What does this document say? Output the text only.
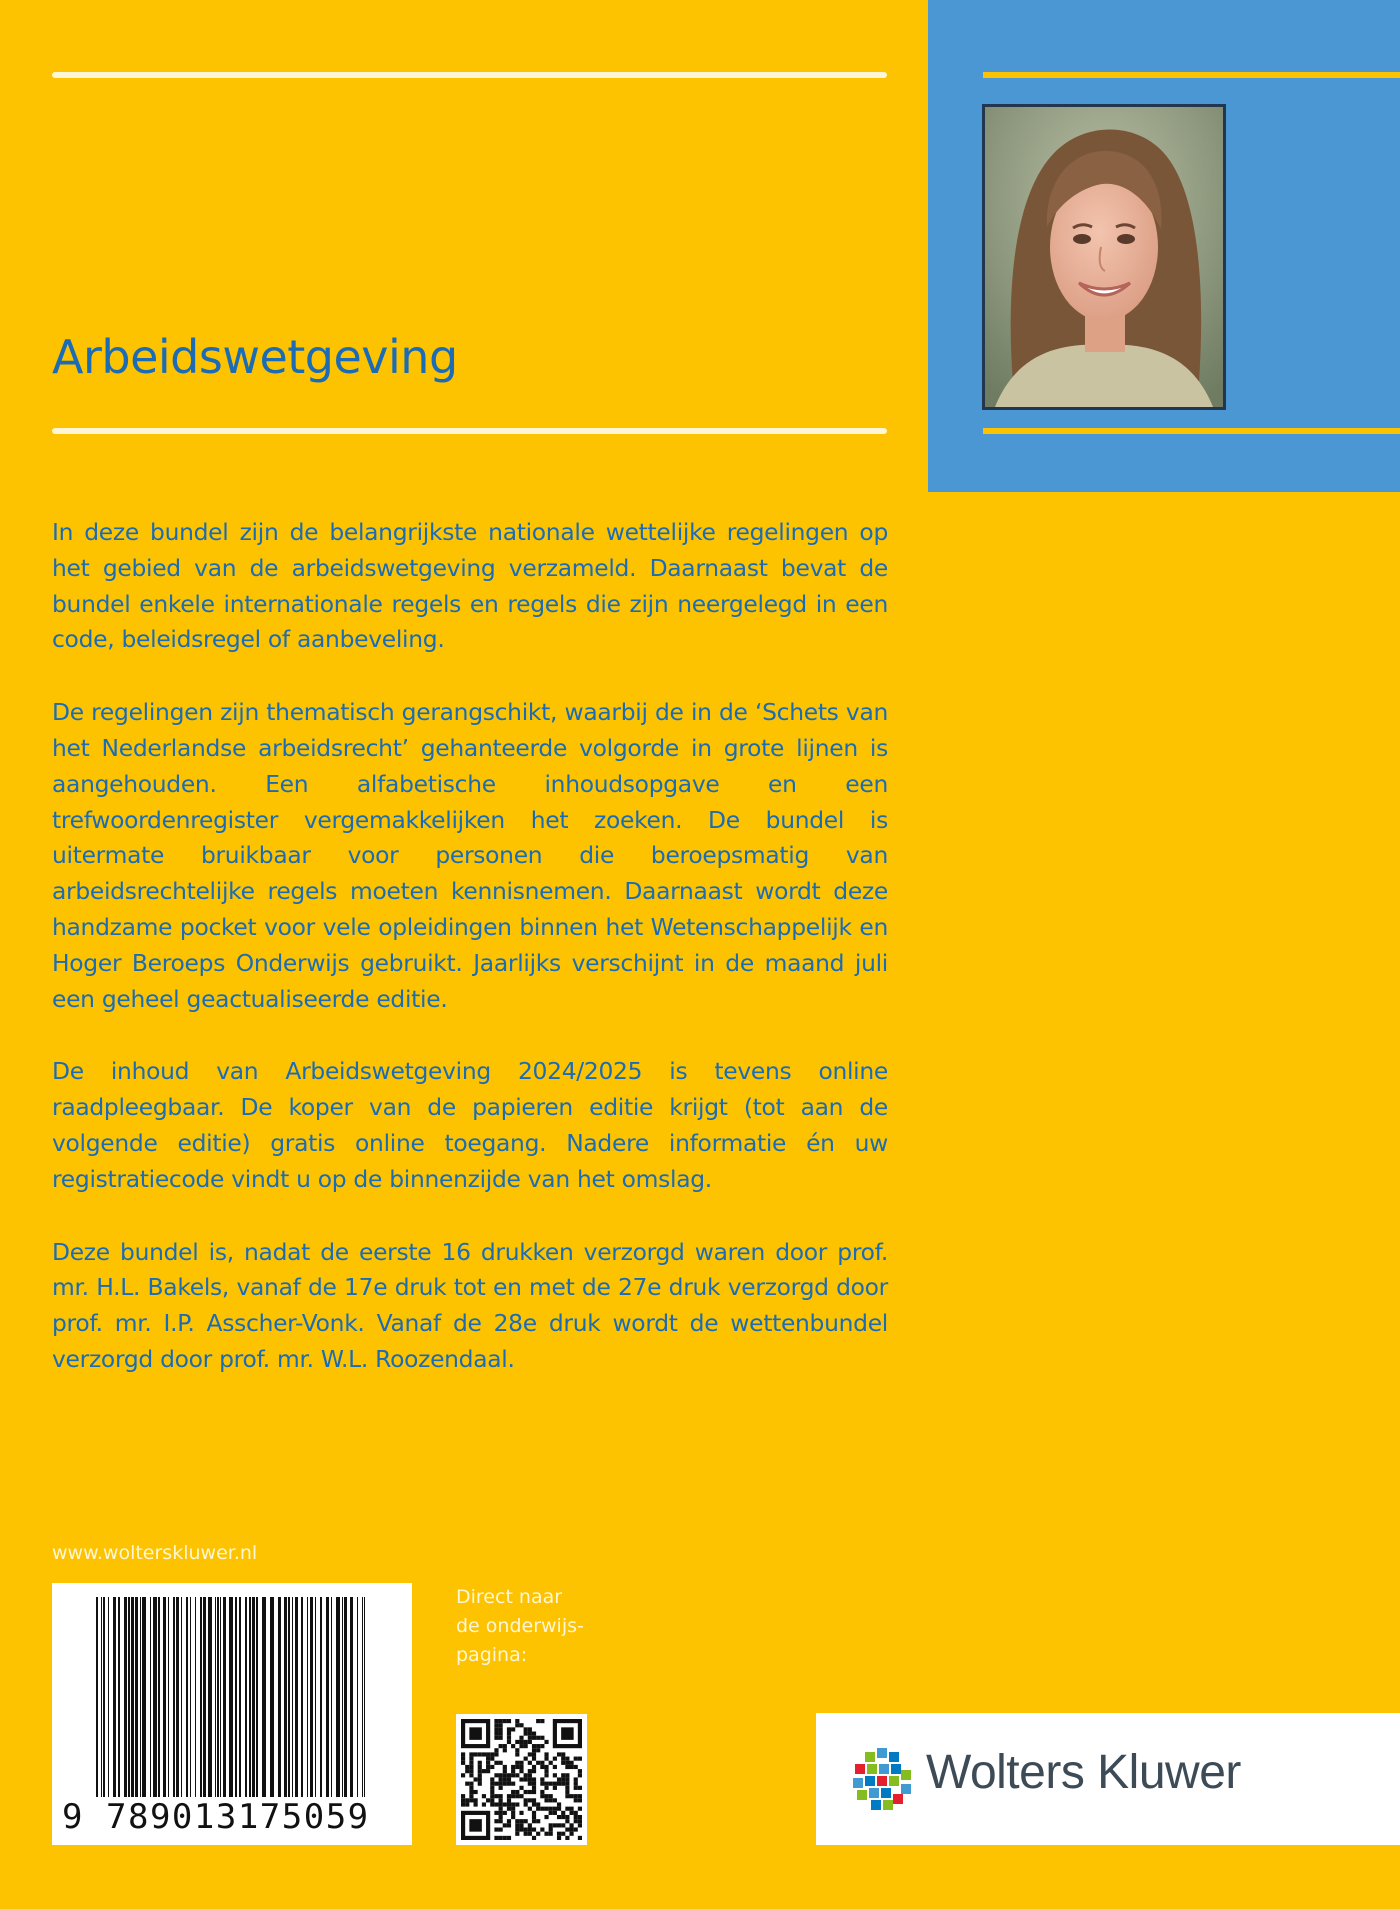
Arbeidswetgeving

In deze bundel zijn de belangrijkste nationale wettelijke regelingen op het gebied van de arbeidswetgeving verzameld. Daarnaast bevat de bundel enkele internationale regels en regels die zijn neergelegd in een code, beleidsregel of aanbeveling.

De regelingen zijn thematisch gerangschikt, waarbij de in de ‘Schets van het Nederlandse arbeidsrecht’ gehanteerde volgorde in grote lijnen is aangehouden. Een alfabetische inhoudsopgave en een trefwoordenregister vergemakkelijken het zoeken. De bundel is uitermate bruikbaar voor personen die beroepsmatig van arbeidsrechtelijke regels moeten kennisnemen. Daarnaast wordt deze handzame pocket voor vele opleidingen binnen het Wetenschappelijk en Hoger Beroeps Onderwijs gebruikt. Jaarlijks verschijnt in de maand juli een geheel geactualiseerde editie.

De inhoud van Arbeidswetgeving 2024/2025 is tevens online raadpleegbaar. De koper van de papieren editie krijgt (tot aan de volgende editie) gratis online toegang. Nadere informatie én uw registratiecode vindt u op de binnenzijde van het omslag.

Deze bundel is, nadat de eerste 16 drukken verzorgd waren door prof. mr. H.L. Bakels, vanaf de 17e druk tot en met de 27e druk verzorgd door prof. mr. I.P. Asscher-Vonk. Vanaf de 28e druk wordt de wettenbundel verzorgd door prof. mr. W.L. Roozendaal.

www.wolterskluwer.nl
9 789013175059
Direct naar
de onderwijs-
pagina:
Wolters Kluwer
